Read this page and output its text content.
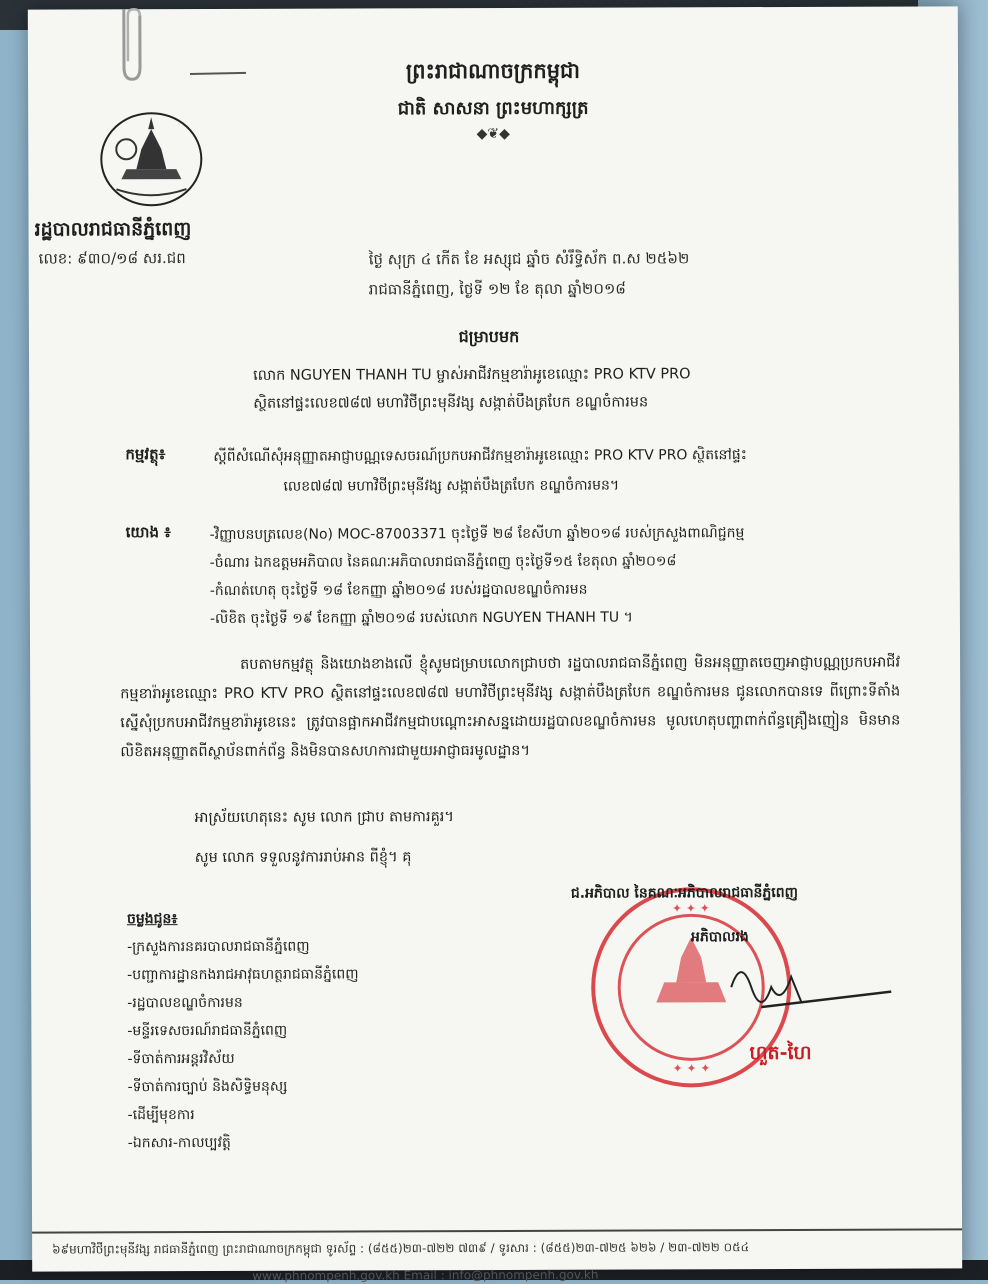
ព្រះរាជាណាចក្រកម្ពុជា
ជាតិ សាសនា ព្រះមហាក្សត្រ
◆❦◆
រដ្ឋបាលរាជធានីភ្នំពេញ
លេខ: ៩៣០/១៨ សរ.ជព	ថ្ងៃ សុក្រ ៤ កើត ខែ អស្សុជ ឆ្នាំច សំរឹទ្ធិស័ក ព.ស ២៥៦២
រាជធានីភ្នំពេញ, ថ្ងៃទី ១២ ខែ តុលា ឆ្នាំ២០១៨
ជម្រាបមក
លោក NGUYEN THANH TU ម្ចាស់អាជីវកម្មខារ៉ាអូខេឈ្មោះ PRO KTV PRO
ស្ថិតនៅផ្ទះលេខ៧៨៧ មហាវិថីព្រះមុនីវង្ស សង្កាត់បឹងត្របែក ខណ្ឌចំការមន
កម្មវត្ថុ៖	ស្ដីពីសំណើសុំអនុញ្ញាតអាជ្ញាបណ្ណទេសចរណ៍ប្រកបអាជីវកម្មខារ៉ាអូខេឈ្មោះ PRO KTV PRO ស្ថិតនៅផ្ទះ
លេខ៧៨៧ មហាវិថីព្រះមុនីវង្ស សង្កាត់បឹងត្របែក ខណ្ឌចំការមន។
យោង ៖	-វិញ្ញាបនបត្រលេខ(No) MOC-87003371 ចុះថ្ងៃទី ២៨ ខែសីហា ឆ្នាំ២០១៨ របស់ក្រសួងពាណិជ្ជកម្ម
-ចំណារ ឯកឧត្តមអភិបាល នៃគណៈអភិបាលរាជធានីភ្នំពេញ ចុះថ្ងៃទី១៥ ខែតុលា ឆ្នាំ២០១៨
-កំណត់ហេតុ ចុះថ្ងៃទី ១៨ ខែកញ្ញា ឆ្នាំ២០១៨ របស់រដ្ឋបាលខណ្ឌចំការមន
-លិខិត ចុះថ្ងៃទី ១៩ ខែកញ្ញា ឆ្នាំ២០១៨ របស់លោក NGUYEN THANH TU ។

តបតាមកម្មវត្ថុ និងយោងខាងលើ ខ្ញុំសូមជម្រាបលោកជ្រាបថា រដ្ឋបាលរាជធានីភ្នំពេញ មិនអនុញ្ញាតចេញអាជ្ញាបណ្ណប្រកបអាជីវកម្មខារ៉ាអូខេឈ្មោះ PRO KTV PRO ស្ថិតនៅផ្ទះលេខ៧៨៧ មហាវិថីព្រះមុនីវង្ស សង្កាត់បឹងត្របែក ខណ្ឌចំការមន ជូនលោកបានទេ ពីព្រោះទីតាំងស្នើសុំប្រកបអាជីវកម្មខារ៉ាអូខេនេះ ត្រូវបានផ្អាកអាជីវកម្មជាបណ្ដោះអាសន្នដោយរដ្ឋបាលខណ្ឌចំការមន មូលហេតុបញ្ហាពាក់ព័ន្ធគ្រឿងញៀន មិនមានលិខិតអនុញ្ញាតពីស្ថាប័នពាក់ព័ន្ធ និងមិនបានសហការជាមួយអាជ្ញាធរមូលដ្ឋាន។

អាស្រ័យហេតុនេះ សូម លោក ជ្រាប តាមការគួរ។
សូម លោក ទទួលនូវការរាប់អាន ពីខ្ញុំ។ គុ
✦ ✦ ✦
✦ ✦ ✦
ជ.អភិបាល នៃគណៈអភិបាលរាជធានីភ្នំពេញ
អភិបាលរង
ហួត-ហៃ
ចម្លងជូន៖
-ក្រសួងការនគរបាលរាជធានីភ្នំពេញ
-បញ្ជាការដ្ឋានកងរាជអាវុធហត្ថរាជធានីភ្នំពេញ
-រដ្ឋបាលខណ្ឌចំការមន
-មន្ទីរទេសចរណ៍រាជធានីភ្នំពេញ
-ទីចាត់ការអន្តរវិស័យ
-ទីចាត់ការច្បាប់ និងសិទ្ធិមនុស្ស
-ដើម្បីមុខការ
-ឯកសារ-កាលប្បវត្តិ
៦៩មហាវិថីព្រះមុនីវង្ស រាជធានីភ្នំពេញ ព្រះរាជាណាចក្រកម្ពុជា ទូរស័ព្ទ : (៨៥៥)២៣-៧២២ ៧៣៩ / ទូរសារ : (៨៥៥)២៣-៧២៥ ៦២៦ / ២៣-៧២២ ០៥៤
www.phnompenh.gov.kh Email : info@phnompenh.gov.kh
